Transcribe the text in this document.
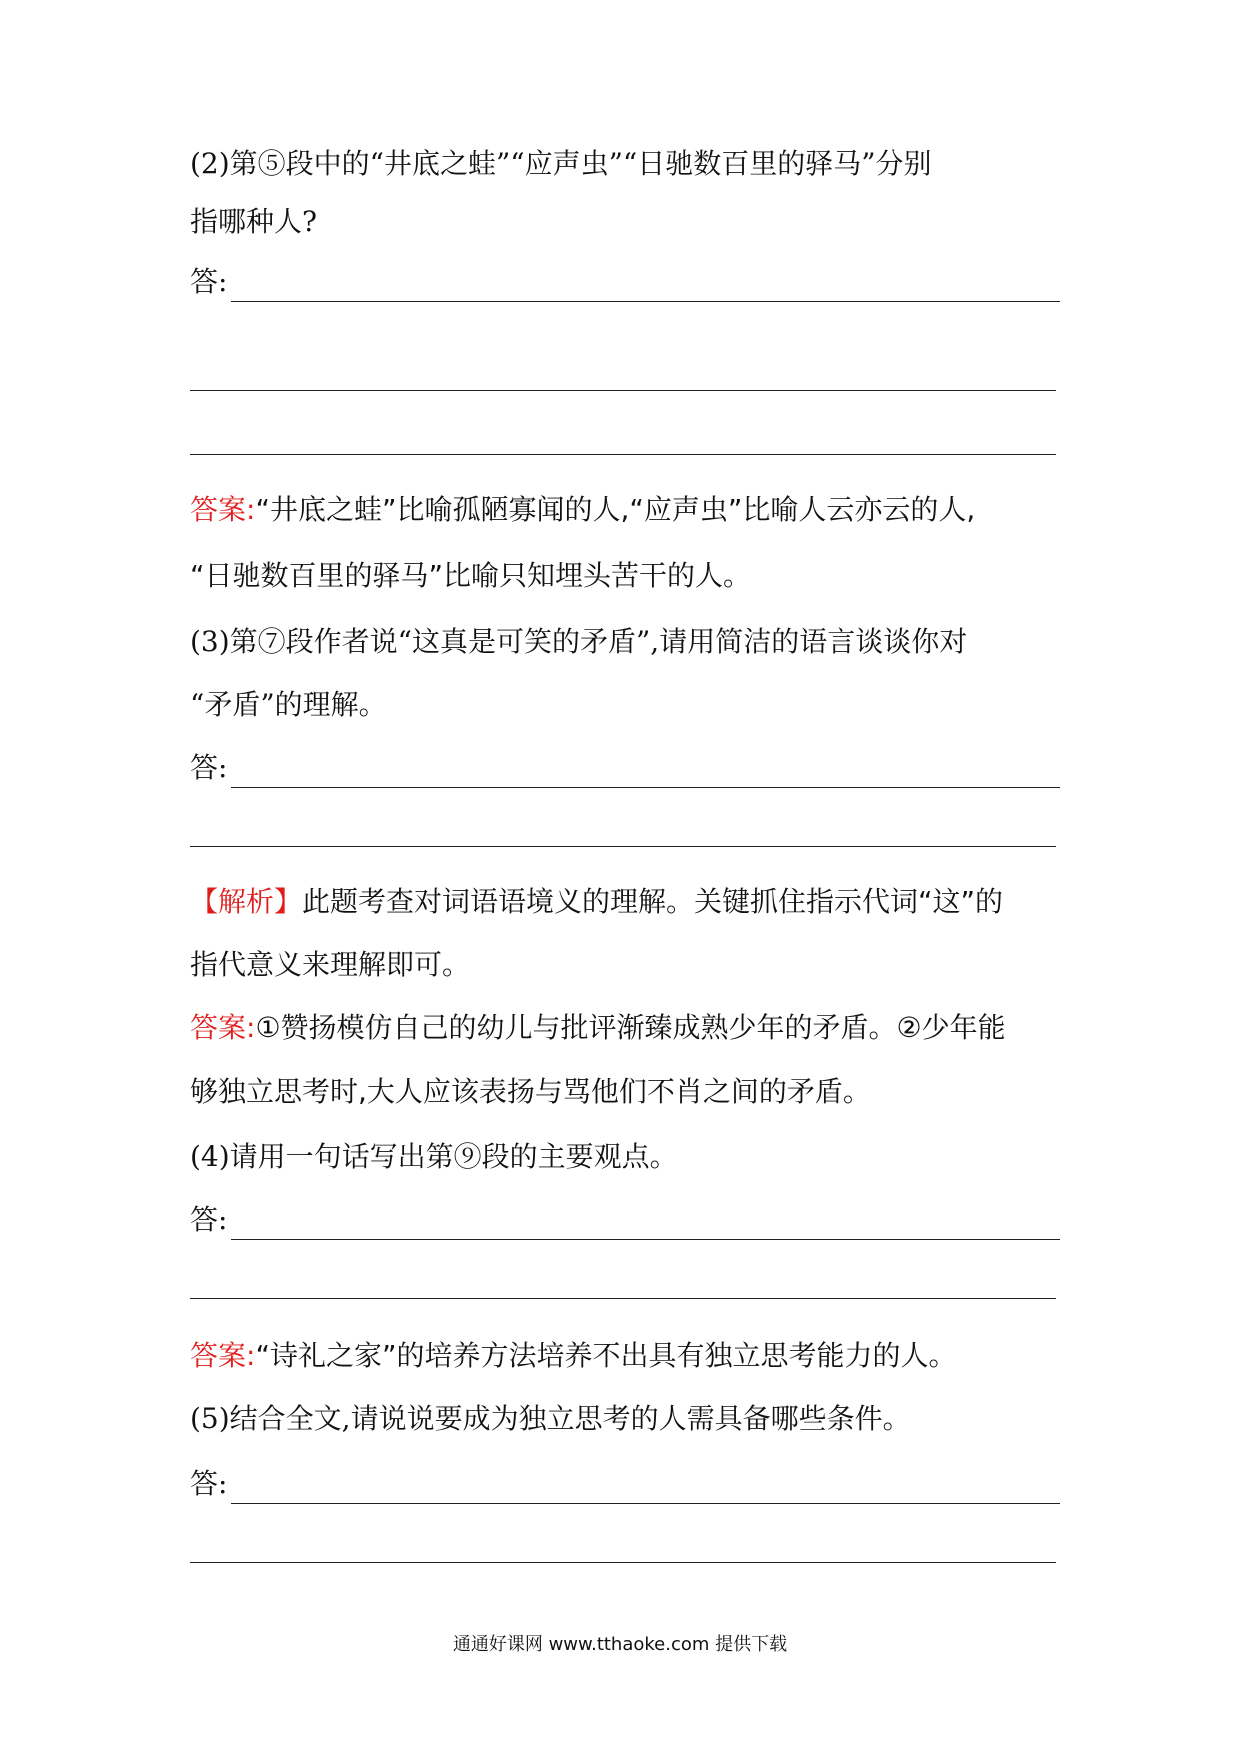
(2)第⑤段中的“井底之蛙”“应声虫”“日驰数百里的驿马”分别
指哪种人?
答:
答案:“井底之蛙”比喻孤陋寡闻的人,“应声虫”比喻人云亦云的人,
“日驰数百里的驿马”比喻只知埋头苦干的人。
(3)第⑦段作者说“这真是可笑的矛盾”,请用简洁的语言谈谈你对
“矛盾”的理解。
答:
【解析】此题考查对词语语境义的理解。关键抓住指示代词“这”的
指代意义来理解即可。
答案:①赞扬模仿自己的幼儿与批评渐臻成熟少年的矛盾。②少年能
够独立思考时,大人应该表扬与骂他们不肖之间的矛盾。
(4)请用一句话写出第⑨段的主要观点。
答:
答案:“诗礼之家”的培养方法培养不出具有独立思考能力的人。
(5)结合全文,请说说要成为独立思考的人需具备哪些条件。
答:
通通好课网 www.tthaoke.com 提供下载
